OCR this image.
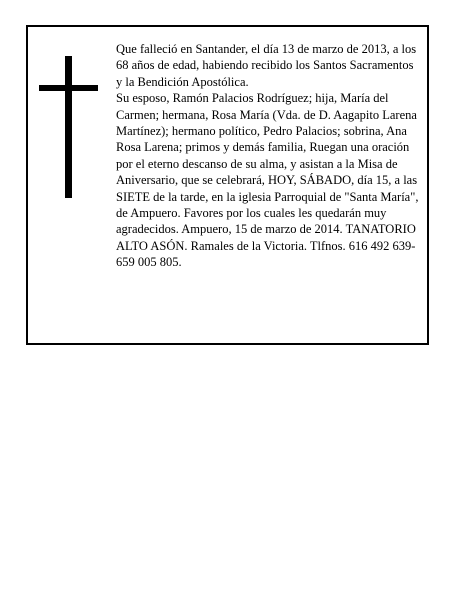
Que falleció en Santander, el día 13 de marzo de 2013, a los 68 años de edad, habiendo recibido los Santos Sacramentos y la Bendición Apostólica.

Su esposo, Ramón Palacios Rodríguez; hija, María del Carmen; hermana, Rosa María (Vda. de D. Aagapito Larena Martínez); hermano político, Pedro Palacios; sobrina, Ana Rosa Larena; primos y demás familia, Ruegan una oración por el eterno descanso de su alma, y asistan a la Misa de Aniversario, que se celebrará, HOY, SÁBADO, día 15, a las SIETE de la tarde, en la iglesia Parroquial de "Santa María", de Ampuero. Favores por los cuales les quedarán muy agradecidos. Ampuero, 15 de marzo de 2014. TANATORIO ALTO ASÓN. Ramales de la Victoria. Tlfnos. 616 492 639-659 005 805.
